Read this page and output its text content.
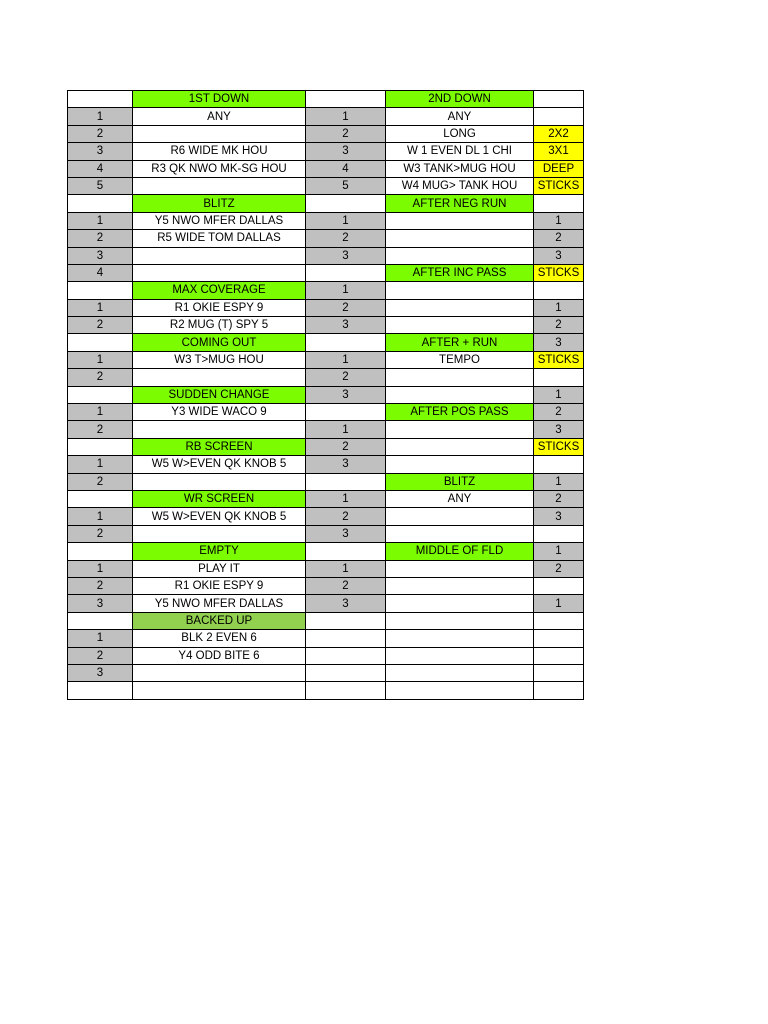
	1ST DOWN		2ND DOWN	
1	ANY	1	ANY	
2		2	LONG	2X2
3	R6 WIDE MK HOU	3	W 1 EVEN DL 1 CHI	3X1
4	R3 QK NWO MK-SG HOU	4	W3 TANK>MUG HOU	DEEP
5		5	W4 MUG> TANK HOU	STICKS
	BLITZ		AFTER NEG RUN	
1	Y5 NWO MFER DALLAS	1		1
2	R5 WIDE TOM DALLAS	2		2
3		3		3
4			AFTER INC PASS	STICKS
	MAX COVERAGE	1		
1	R1 OKIE ESPY 9	2		1
2	R2 MUG (T) SPY 5	3		2
	COMING OUT		AFTER + RUN	3
1	W3 T>MUG HOU	1	TEMPO	STICKS
2		2		
	SUDDEN CHANGE	3		1
1	Y3 WIDE WACO 9		AFTER POS PASS	2
2		1		3
	RB SCREEN	2		STICKS
1	W5 W>EVEN QK KNOB 5	3		
2			BLITZ	1
	WR SCREEN	1	ANY	2
1	W5 W>EVEN QK KNOB 5	2		3
2		3		
	EMPTY		MIDDLE OF FLD	1
1	PLAY IT	1		2
2	R1 OKIE ESPY 9	2		
3	Y5 NWO MFER DALLAS	3		1
	BACKED UP			
1	BLK 2 EVEN 6			
2	Y4 ODD BITE 6			
3				
